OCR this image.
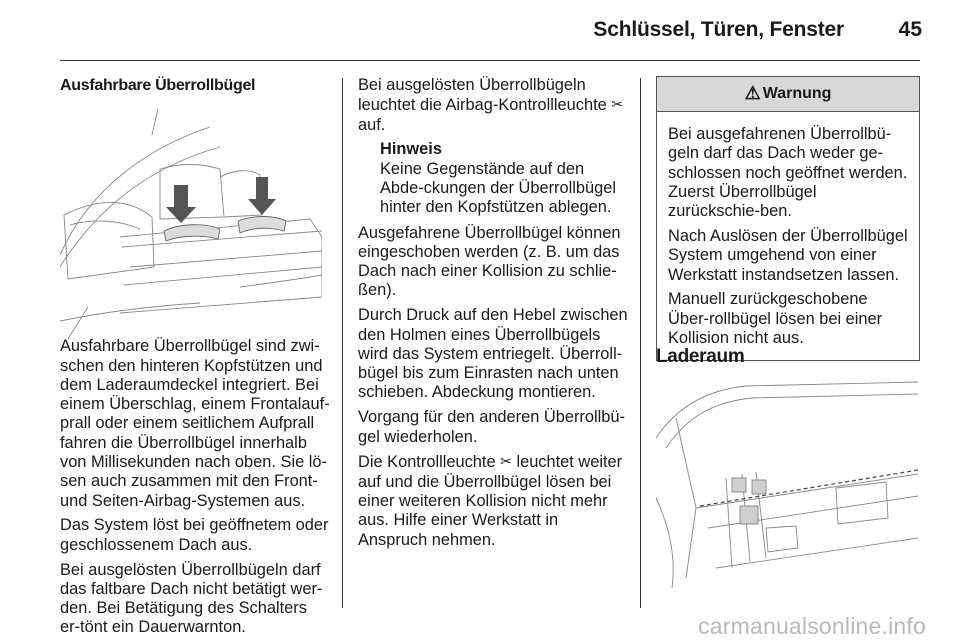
Schlüssel, Türen, Fenster	45
Ausfahrbare Überrollbügel

Ausfahrbare Überrollbügel sind zwi-schen den hinteren Kopfstützen und dem Laderaumdeckel integriert. Bei einem Überschlag, einem Frontalauf-prall oder einem seitlichem Aufprall fahren die Überrollbügel innerhalb von Millisekunden nach oben. Sie lö-sen auch zusammen mit den Front-und Seiten-Airbag-Systemen aus.

Das System löst bei geöffnetem oder geschlossenem Dach aus.

Bei ausgelösten Überrollbügeln darf das faltbare Dach nicht betätigt wer-den. Bei Betätigung des Schalters er-tönt ein Dauerwarnton.

Bei ausgelösten Überrollbügeln leuchtet die Airbag-Kontrollleuchte ✂ auf.

Hinweis
Keine Gegenstände auf den Abde-ckungen der Überrollbügel hinter den Kopfstützen ablegen.

Ausgefahrene Überrollbügel können eingeschoben werden (z. B. um das Dach nach einer Kollision zu schlie-ßen).

Durch Druck auf den Hebel zwischen den Holmen eines Überrollbügels wird das System entriegelt. Überroll-bügel bis zum Einrasten nach unten schieben. Abdeckung montieren.

Vorgang für den anderen Überrollbü-gel wiederholen.

Die Kontrollleuchte ✂ leuchtet weiter auf und die Überrollbügel lösen bei einer weiteren Kollision nicht mehr aus. Hilfe einer Werkstatt in Anspruch nehmen.

⚠ Warnung

Bei ausgefahrenen Überrollbü-geln darf das Dach weder ge-schlossen noch geöffnet werden. Zuerst Überrollbügel zurückschie-ben.

Nach Auslösen der Überrollbügel System umgehend von einer Werkstatt instandsetzen lassen.

Manuell zurückgeschobene Über-rollbügel lösen bei einer Kollision nicht aus.

Laderaum
carmanualsonline.info
